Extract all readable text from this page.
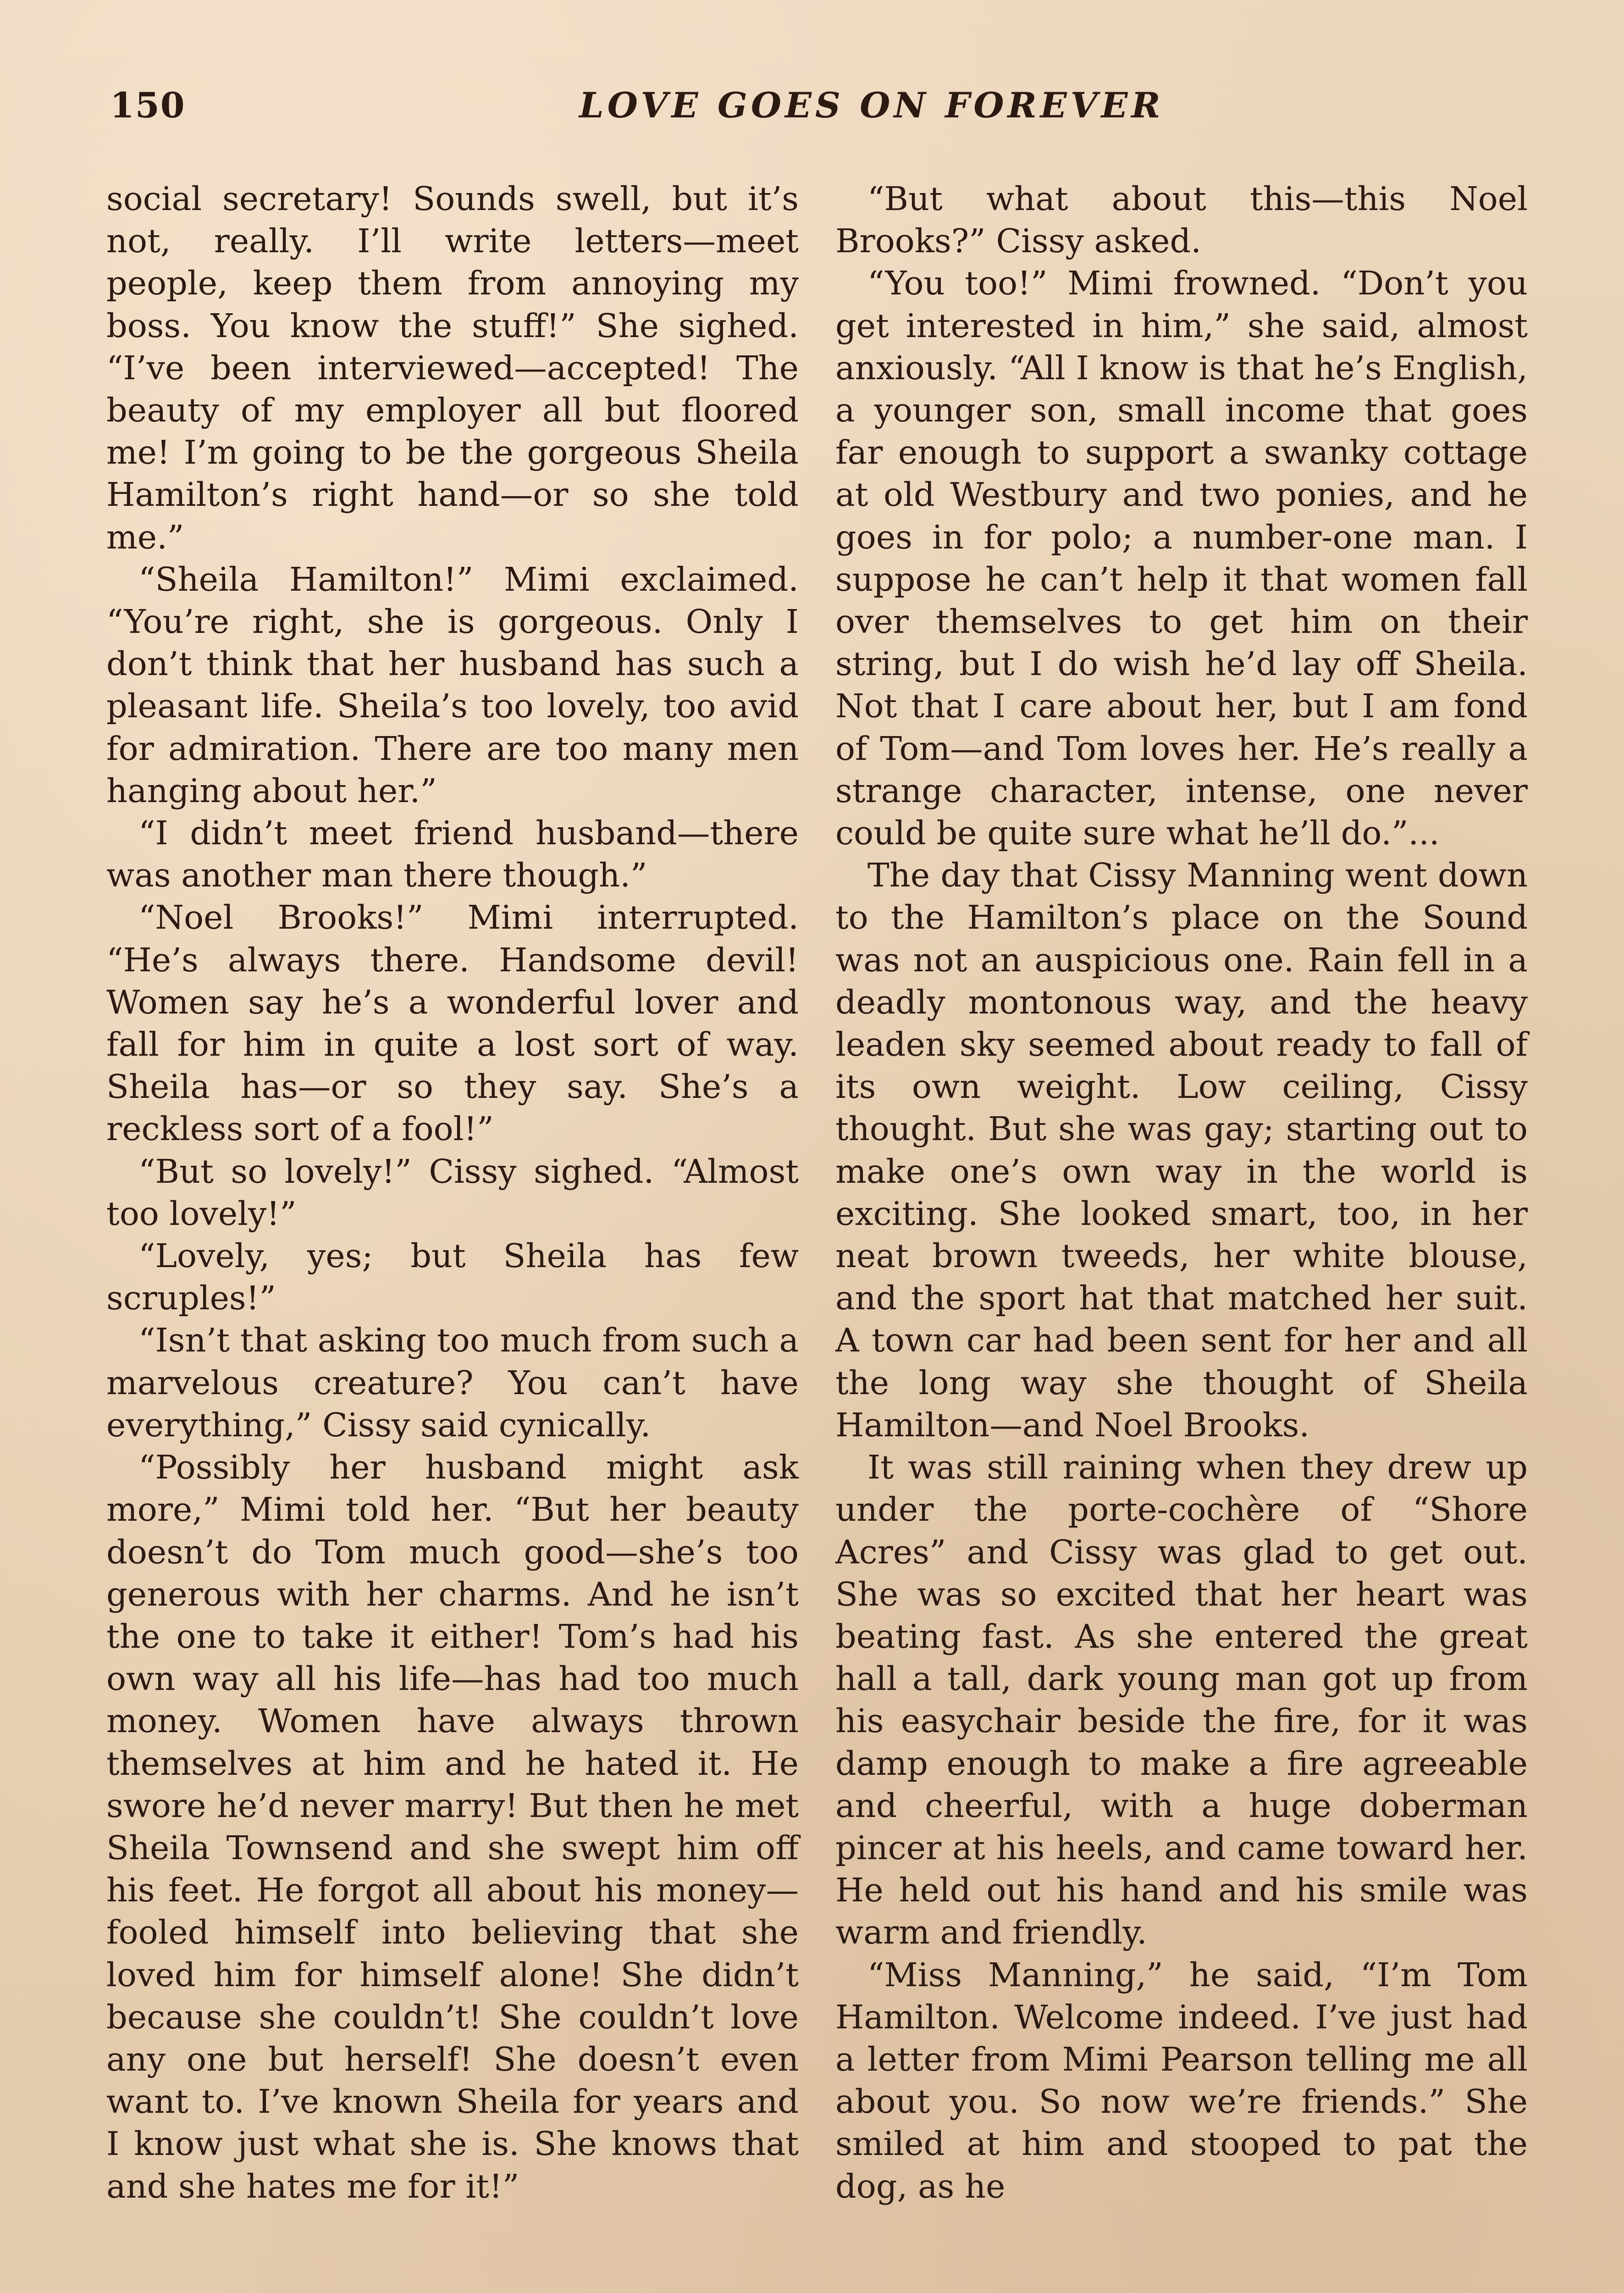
150	LOVE GOES ON FOREVER

social secretary! Sounds swell, but it’s not, really. I’ll write letters—meet people, keep them from annoying my boss. You know the stuff!” She sighed. “I’ve been interviewed—accepted! The beauty of my employer all but floored me! I’m going to be the gorgeous Sheila Hamilton’s right hand—or so she told me.”

“Sheila Hamilton!” Mimi exclaimed. “You’re right, she is gorgeous. Only I don’t think that her husband has such a pleasant life. Sheila’s too lovely, too avid for admiration. There are too many men hanging about her.”

“I didn’t meet friend husband—there was another man there though.”

“Noel Brooks!” Mimi interrupted. “He’s always there. Handsome devil! Women say he’s a wonderful lover and fall for him in quite a lost sort of way. Sheila has—or so they say. She’s a reckless sort of a fool!”

“But so lovely!” Cissy sighed. “Almost too lovely!”

“Lovely, yes; but Sheila has few scruples!”

“Isn’t that asking too much from such a marvelous creature? You can’t have everything,” Cissy said cynically.

“Possibly her husband might ask more,” Mimi told her. “But her beauty doesn’t do Tom much good—she’s too generous with her charms. And he isn’t the one to take it either! Tom’s had his own way all his life—has had too much money. Women have always thrown themselves at him and he hated it. He swore he’d never marry! But then he met Sheila Townsend and she swept him off his feet. He forgot all about his money—fooled himself into believing that she loved him for himself alone! She didn’t because she couldn’t! She couldn’t love any one but herself! She doesn’t even want to. I’ve known Sheila for years and I know just what she is. She knows that and she hates me for it!”

“But what about this—this Noel Brooks?” Cissy asked.

“You too!” Mimi frowned. “Don’t you get interested in him,” she said, almost anxiously. “All I know is that he’s English, a younger son, small income that goes far enough to support a swanky cottage at old Westbury and two ponies, and he goes in for polo; a number-one man. I suppose he can’t help it that women fall over themselves to get him on their string, but I do wish he’d lay off Sheila. Not that I care about her, but I am fond of Tom—and Tom loves her. He’s really a strange character, intense, one never could be quite sure what he’ll do.”...

The day that Cissy Manning went down to the Hamilton’s place on the Sound was not an auspicious one. Rain fell in a deadly montonous way, and the heavy leaden sky seemed about ready to fall of its own weight. Low ceiling, Cissy thought. But she was gay; starting out to make one’s own way in the world is exciting. She looked smart, too, in her neat brown tweeds, her white blouse, and the sport hat that matched her suit. A town car had been sent for her and all the long way she thought of Sheila Hamilton—and Noel Brooks.

It was still raining when they drew up under the porte-cochère of “Shore Acres” and Cissy was glad to get out. She was so excited that her heart was beating fast. As she entered the great hall a tall, dark young man got up from his easychair beside the fire, for it was damp enough to make a fire agreeable and cheerful, with a huge doberman pincer at his heels, and came toward her. He held out his hand and his smile was warm and friendly.

“Miss Manning,” he said, “I’m Tom Hamilton. Welcome indeed. I’ve just had a letter from Mimi Pearson telling me all about you. So now we’re friends.” She smiled at him and stooped to pat the dog, as he
